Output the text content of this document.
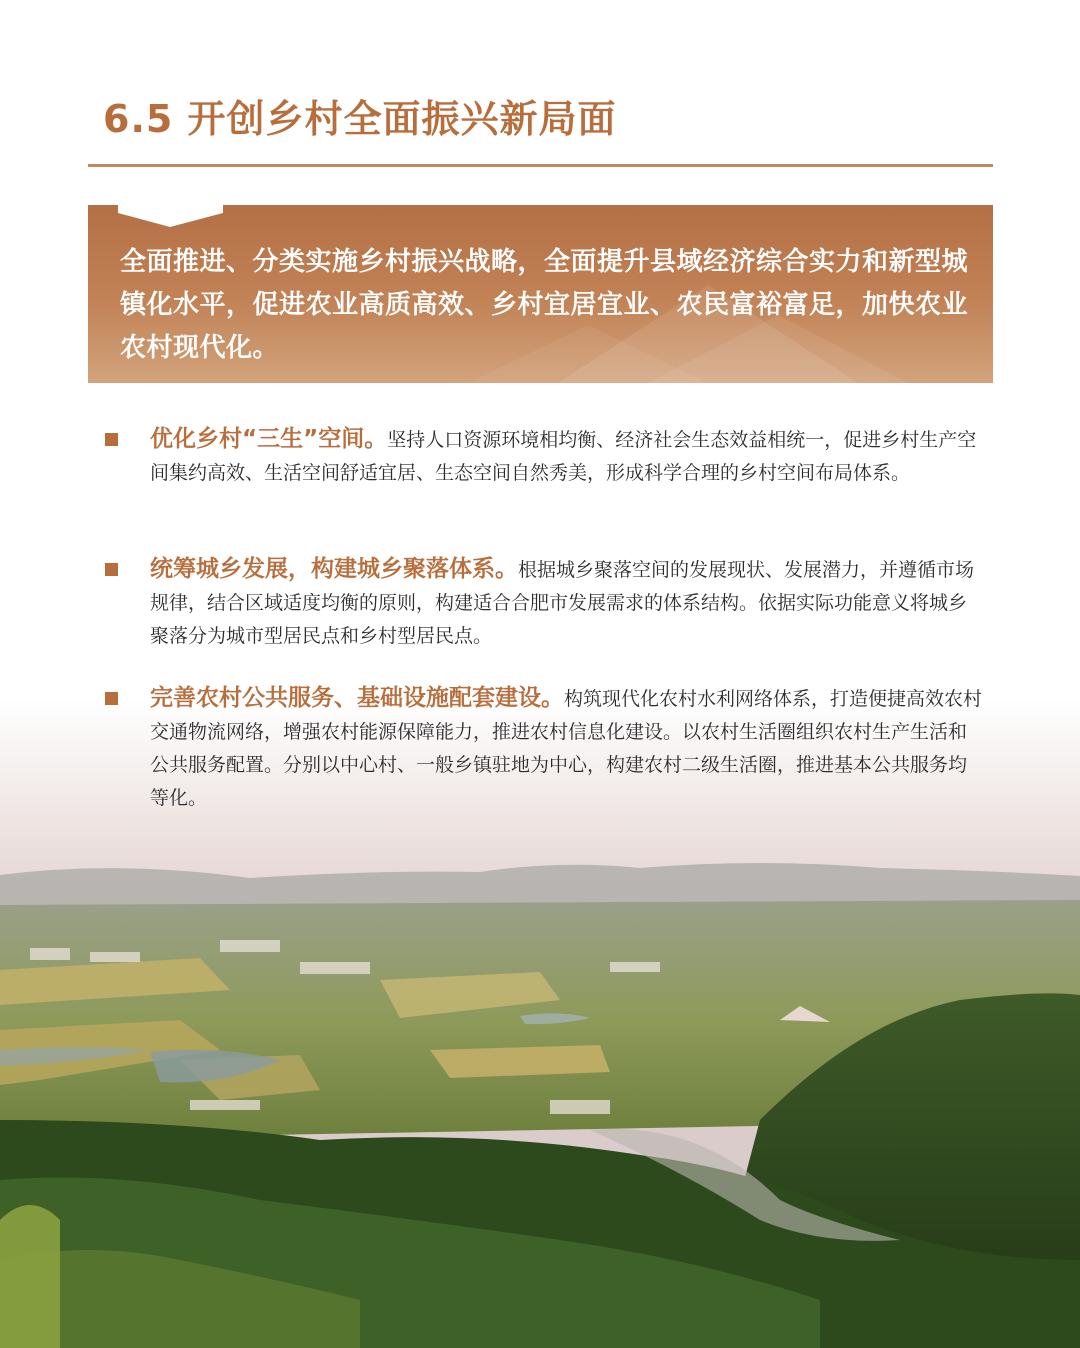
6.5 开创乡村全面振兴新局面
全面推进、分类实施乡村振兴战略，全面提升县域经济综合实力和新型城镇化水平，促进农业高质高效、乡村宜居宜业、农民富裕富足，加快农业农村现代化。
优化乡村“三生”空间。坚持人口资源环境相均衡、经济社会生态效益相统一，促进乡村生产空间集约高效、生活空间舒适宜居、生态空间自然秀美，形成科学合理的乡村空间布局体系。
统筹城乡发展，构建城乡聚落体系。根据城乡聚落空间的发展现状、发展潜力，并遵循市场规律，结合区域适度均衡的原则，构建适合合肥市发展需求的体系结构。依据实际功能意义将城乡聚落分为城市型居民点和乡村型居民点。
完善农村公共服务、基础设施配套建设。构筑现代化农村水利网络体系，打造便捷高效农村交通物流网络，增强农村能源保障能力，推进农村信息化建设。以农村生活圈组织农村生产生活和公共服务配置。分别以中心村、一般乡镇驻地为中心，构建农村二级生活圈，推进基本公共服务均等化。
